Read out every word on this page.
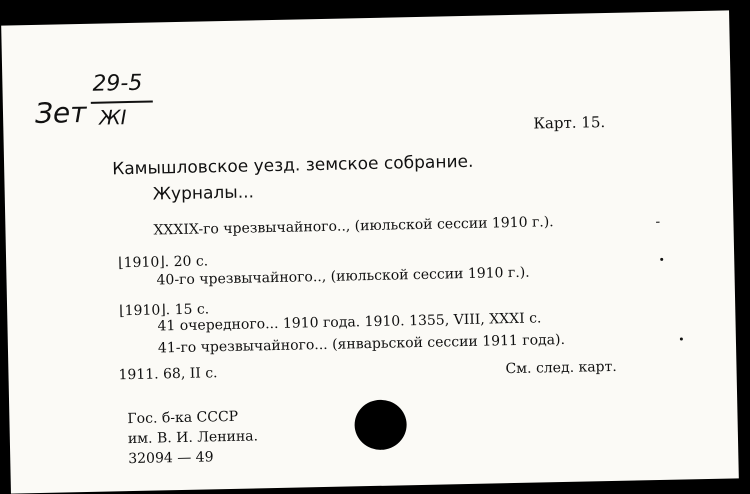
Зет
29-5
ЖI	Карт. 15.
Камышловское уезд. земское собрание.
Журналы...
XXXIX-го чрезвычайного.., (июльской сессии 1910 г.).	-
⌊1910⌋. 20 с.
40-го чрезвычайного.., (июльской сессии 1910 г.).
⌊1910⌋. 15 с.
41 очередного... 1910 года. 1910. 1355, VIII, XXXI с.
41-го чрезвычайного... (январьской сессии 1911 года).
1911. 68, II с.	См. след. карт.
Гос. б-ка СССР
им. В. И. Ленина.
32094 — 49
